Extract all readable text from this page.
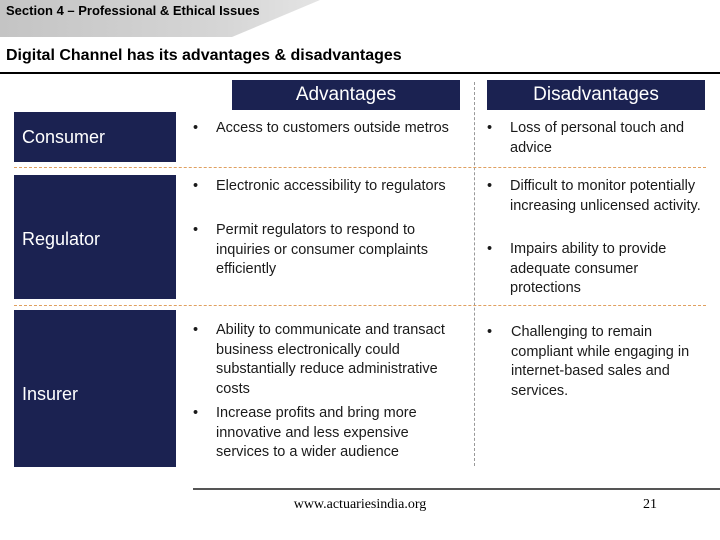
Section 4 – Professional & Ethical Issues
Digital Channel has its advantages & disadvantages
Advantages	Disadvantages
Consumer
Regulator
Insurer
• Access to customers outside metros
• Electronic accessibility to regulators
• Permit regulators to respond to inquiries or consumer complaints efficiently
• Ability to communicate and transact business electronically could substantially reduce administrative costs
• Increase profits and bring more innovative and less expensive services to a wider audience
• Loss of personal touch and advice
• Difficult to monitor potentially increasing unlicensed activity.
• Impairs ability to provide adequate consumer protections
• Challenging to remain compliant while engaging in internet-based sales and services.
www.actuariesindia.org	21
